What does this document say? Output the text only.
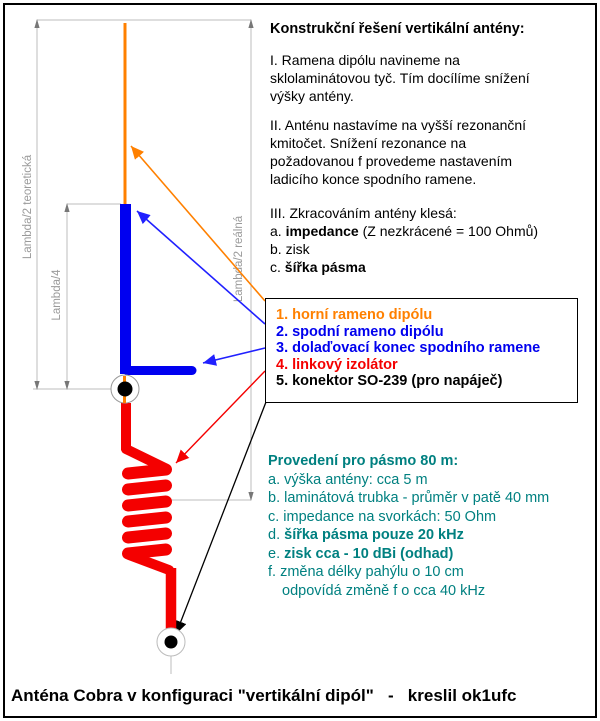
Lambda/2 teoretická
Lambda/4	Lambda/2 reálná
Konstrukční řešení vertikální antény:
I. Ramena dipólu navineme na
sklolaminátovou tyč. Tím docílíme snížení
výšky antény.
II. Anténu nastavíme na vyšší rezonanční
kmitočet. Snížení rezonance na
požadovanou f provedeme nastavením
ladicího konce spodního ramene.
III. Zkracováním antény klesá:
a. impedance (Z nezkrácené = 100 Ohmů)
b. zisk
c. šířka pásma
1. horní rameno dipólu
2. spodní rameno dipólu
3. dolaďovací konec spodního ramene
4. linkový izolátor
5. konektor SO-239 (pro napáječ)
Provedení pro pásmo 80 m:
a. výška antény: cca 5 m
b. laminátová trubka - průměr v patě 40 mm
c. impedance na svorkách: 50 Ohm
d. šířka pásma pouze 20 kHz
e. zisk cca - 10 dBi (odhad)
f. změna délky pahýlu o 10 cm
odpovídá změně f o cca 40 kHz
Anténa Cobra v konfiguraci "vertikální dipól"   -   kreslil ok1ufc
